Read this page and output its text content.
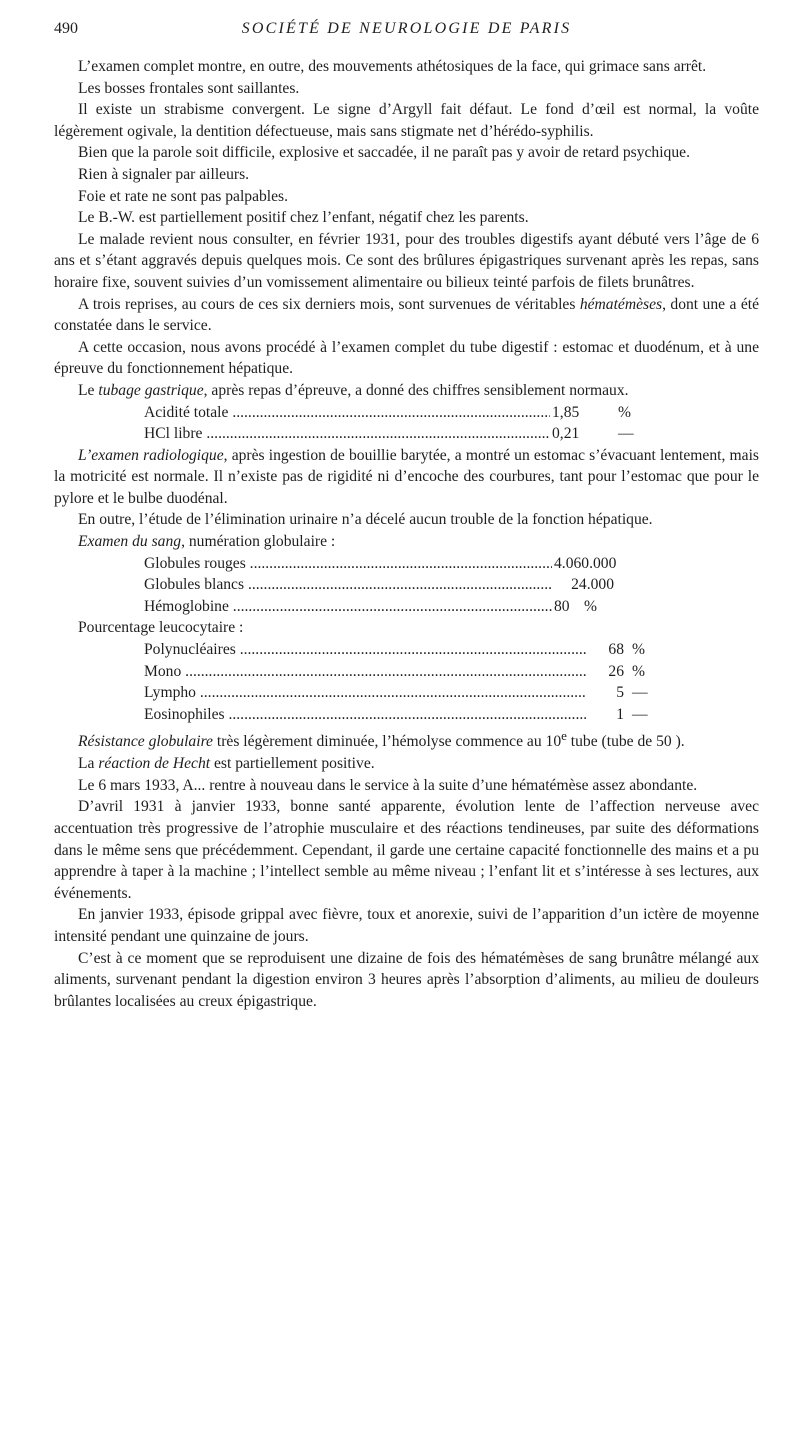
490	SOCIÉTÉ DE NEUROLOGIE DE PARIS

L’examen complet montre, en outre, des mouvements athétosiques de la face, qui grimace sans arrêt.

Les bosses frontales sont saillantes.

Il existe un strabisme convergent. Le signe d’Argyll fait défaut. Le fond d’œil est normal, la voûte légèrement ogivale, la dentition défectueuse, mais sans stigmate net d’hérédo-syphilis.

Bien que la parole soit difficile, explosive et saccadée, il ne paraît pas y avoir de retard psychique.

Rien à signaler par ailleurs.

Foie et rate ne sont pas palpables.

Le B.-W. est partiellement positif chez l’enfant, négatif chez les parents.

Le malade revient nous consulter, en février 1931, pour des troubles digestifs ayant débuté vers l’âge de 6 ans et s’étant aggravés depuis quelques mois. Ce sont des brûlures épigastriques survenant après les repas, sans horaire fixe, souvent suivies d’un vomissement alimentaire ou bilieux teinté parfois de filets brunâtres.

A trois reprises, au cours de ces six derniers mois, sont survenues de véritables hématémèses, dont une a été constatée dans le service.

A cette occasion, nous avons procédé à l’examen complet du tube digestif : estomac et duodénum, et à une épreuve du fonctionnement hépatique.

Le tubage gastrique, après repas d’épreuve, a donné des chiffres sensiblement normaux.

Acidité totale .....	1,85	%
HCl libre .....	0,21	—

L’examen radiologique, après ingestion de bouillie barytée, a montré un estomac s’évacuant lentement, mais la motricité est normale. Il n’existe pas de rigidité ni d’encoche des courbures, tant pour l’estomac que pour le pylore et le bulbe duodénal.

En outre, l’étude de l’élimination urinaire n’a décelé aucun trouble de la fonction hépatique.

Examen du sang, numération globulaire :

Globules rouges .....	4.060.000
Globules blancs .....	24.000
Hémoglobine .....	80 %

Pourcentage leucocytaire :

Polynucléaires .....	68 %
Mono .....	26 %
Lympho .....	5 —
Eosinophiles .....	1 —

Résistance globulaire très légèrement diminuée, l’hémolyse commence au 10e tube (tube de 50 ).

La réaction de Hecht est partiellement positive.

Le 6 mars 1933, A... rentre à nouveau dans le service à la suite d’une hématémèse assez abondante.

D’avril 1931 à janvier 1933, bonne santé apparente, évolution lente de l’affection nerveuse avec accentuation très progressive de l’atrophie musculaire et des réactions tendineuses, par suite des déformations dans le même sens que précédemment. Cependant, il garde une certaine capacité fonctionnelle des mains et a pu apprendre à taper à la machine ; l’intellect semble au même niveau ; l’enfant lit et s’intéresse à ses lectures, aux événements.

En janvier 1933, épisode grippal avec fièvre, toux et anorexie, suivi de l’apparition d’un ictère de moyenne intensité pendant une quinzaine de jours.

C’est à ce moment que se reproduisent une dizaine de fois des hématémèses de sang brunâtre mélangé aux aliments, survenant pendant la digestion environ 3 heures après l’absorption d’aliments, au milieu de douleurs brûlantes localisées au creux épigastrique.
